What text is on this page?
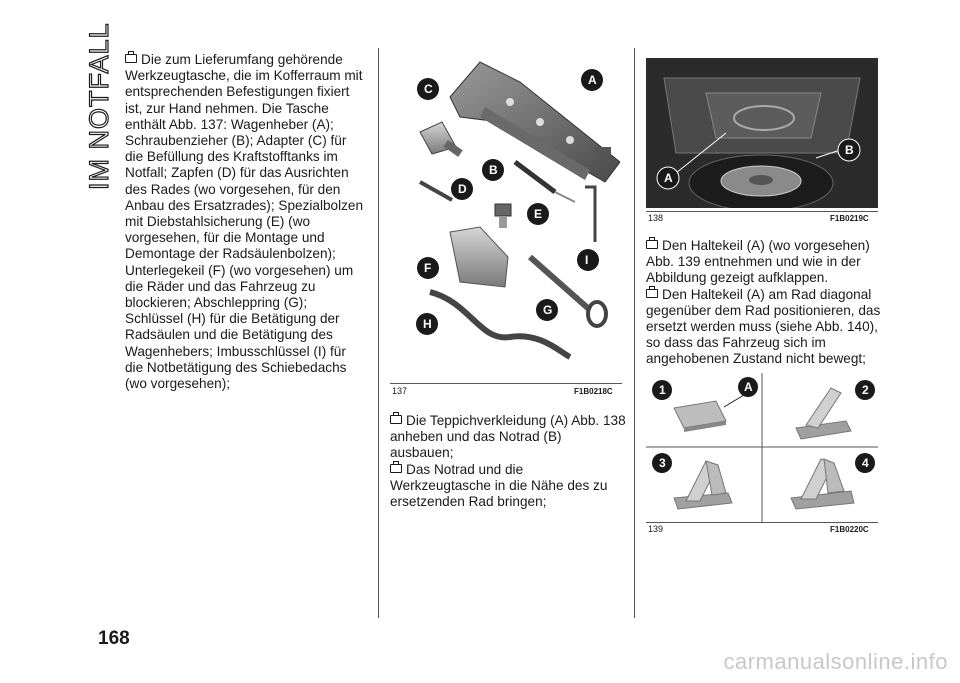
IM NOTFALL
168

Die zum Lieferumfang gehörende Werkzeugtasche, die im Kofferraum mit entsprechenden Befestigungen fixiert ist, zur Hand nehmen. Die Tasche enthält Abb. 137: Wagenheber (A); Schraubenzieher (B); Adapter (C) für die Befüllung des Kraftstofftanks im Notfall; Zapfen (D) für das Ausrichten des Rades (wo vorgesehen, für den Anbau des Ersatzrades); Spezialbolzen mit Diebstahlsicherung (E) (wo vorgesehen, für die Montage und Demontage der Radsäulenbolzen); Unterlegekeil (F) (wo vorgesehen) um die Räder und das Fahrzeug zu blockieren; Abschleppring (G); Schlüssel (H) für die Betätigung der Radsäulen und die Betätigung des Wagenhebers; Imbusschlüssel (I) für die Notbetätigung des Schiebedachs (wo vorgesehen);

C
A
B
D
E
F
I
G
H
137	F1B0218C

Die Teppichverkleidung (A) Abb. 138 anheben und das Notrad (B) ausbauen;

Das Notrad und die Werkzeugtasche in die Nähe des zu ersetzenden Rad bringen;

A
B
138	F1B0219C

Den Haltekeil (A) (wo vorgesehen) Abb. 139 entnehmen und wie in der Abbildung gezeigt aufklappen.

Den Haltekeil (A) am Rad diagonal gegenüber dem Rad positionieren, das ersetzt werden muss (siehe Abb. 140), so dass das Fahrzeug sich im angehobenen Zustand nicht bewegt;

1	A	2
3	4
139	F1B0220C
carmanualsonline.info
